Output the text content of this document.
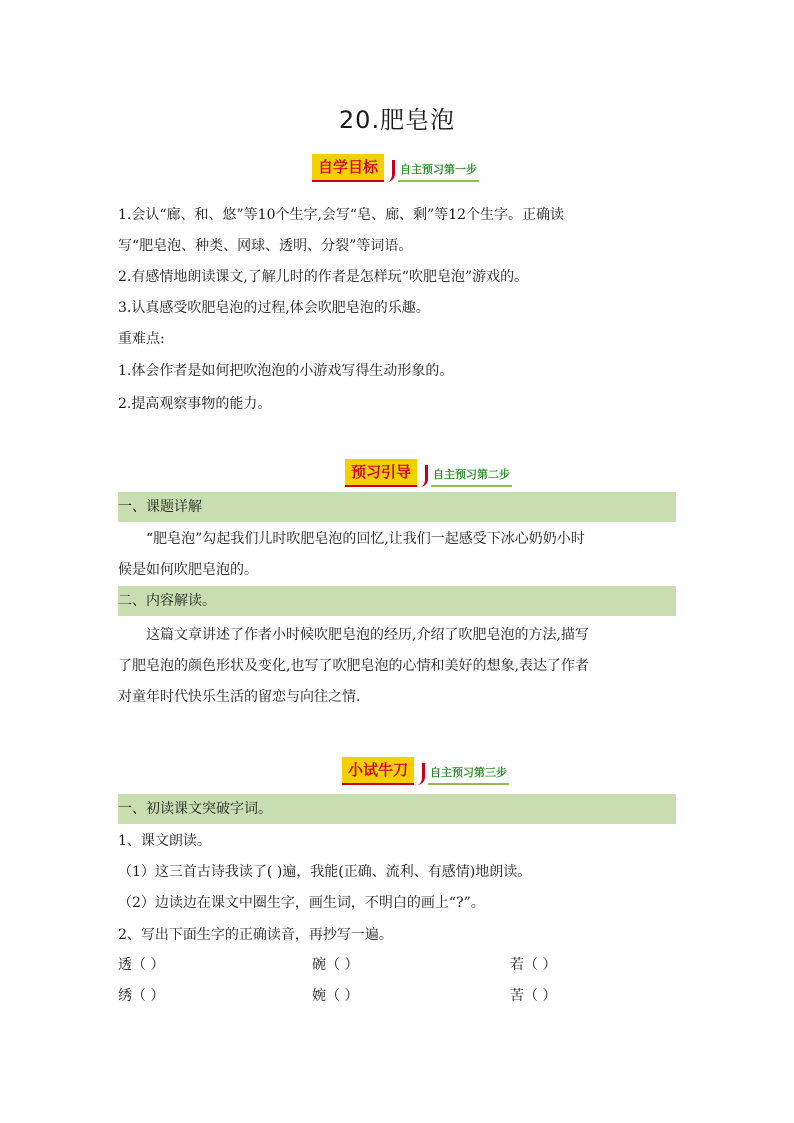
20.肥皂泡
自学目标	自主预习第一步
1.会认“廊、和、悠”等10个生字,会写“皂、廊、剩”等12个生字。正确读
写“肥皂泡、种类、网球、透明、分裂”等词语。
2.有感情地朗读课文,了解儿时的作者是怎样玩“吹肥皂泡”游戏的。
3.认真感受吹肥皂泡的过程,体会吹肥皂泡的乐趣。
重难点:
1.体会作者是如何把吹泡泡的小游戏写得生动形象的。
2.提高观察事物的能力。
预习引导	自主预习第二步
一、课题详解
“肥皂泡”勾起我们儿时吹肥皂泡的回忆,让我们一起感受下冰心奶奶小时
候是如何吹肥皂泡的。
二、内容解读。
这篇文章讲述了作者小时候吹肥皂泡的经历,介绍了吹肥皂泡的方法,描写
了肥皂泡的颜色形状及变化,也写了吹肥皂泡的心情和美好的想象,表达了作者
对童年时代快乐生活的留恋与向往之情.
小试牛刀	自主预习第三步
一、初读课文突破字词。
1、课文朗读。
（1）这三首古诗我读了( )遍，我能(正确、流利、有感情)地朗读。
（2）边读边在课文中圈生字，画生词，不明白的画上“?”。
2、写出下面生字的正确读音，再抄写一遍。
透（ ）	碗（ ）	若（ ）
绣（ ）	婉（ ）	苦（ ）
